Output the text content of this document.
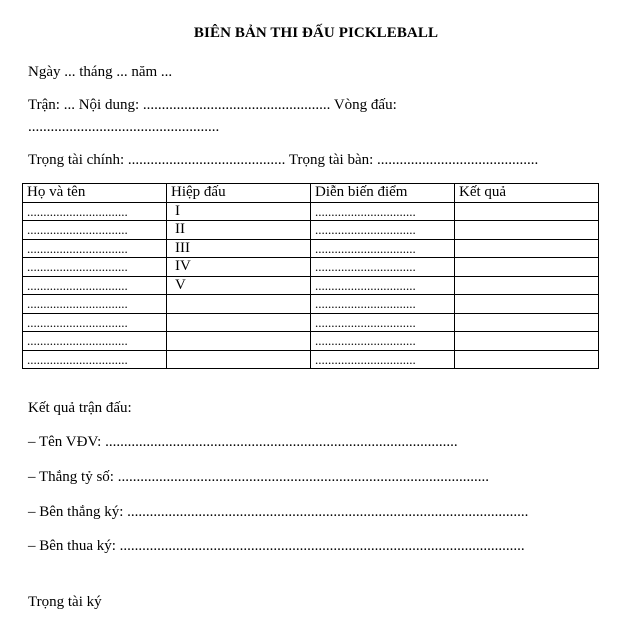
BIÊN BẢN THI ĐẤU PICKLEBALL
Ngày ... tháng ... năm ...
Trận: ... Nội dung: .................................................. Vòng đấu:
...................................................
Trọng tài chính: .......................................... Trọng tài bàn: ...........................................
Họ và tên	Hiệp đấu	Diễn biến điểm	Kết quả
...............................	I	...............................	
...............................	II	...............................	
...............................	III	...............................	
...............................	IV	...............................	
...............................	V	...............................	
...............................		...............................	
...............................		...............................	
...............................		...............................	
...............................		...............................	
Kết quả trận đấu:
– Tên VĐV: ..............................................................................................
– Thắng tỷ số: ...................................................................................................
– Bên thắng ký: ...........................................................................................................
– Bên thua ký: ............................................................................................................
Trọng tài ký
